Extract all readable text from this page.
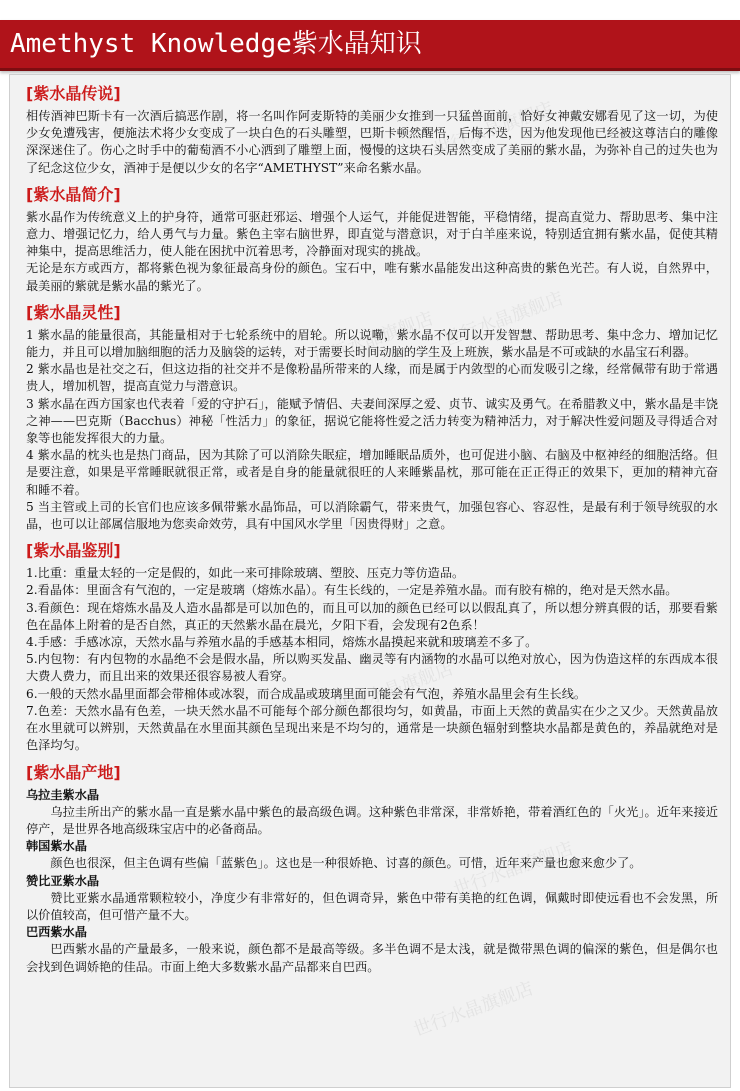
Amethyst Knowledge紫水晶知识
世行水晶旗舰店
世行水晶旗舰店
世行水晶旗舰店
世行水晶旗舰店
世行水晶旗舰店
世行水晶旗舰店
[紫水晶传说]

相传酒神巴斯卡有一次酒后搞恶作剧，将一名叫作阿麦斯特的美丽少女推到一只猛兽面前，恰好女神戴安娜看见了这一切，为使少女免遭残害，便施法术将少女变成了一块白色的石头雕塑，巴斯卡顿然醒悟，后悔不迭，因为他发现他已经被这尊洁白的雕像深深迷住了。伤心之时手中的葡萄酒不小心洒到了雕塑上面，慢慢的这块石头居然变成了美丽的紫水晶，为弥补自己的过失也为了纪念这位少女，酒神于是便以少女的名字“AMETHYST”来命名紫水晶。

[紫水晶简介]

紫水晶作为传统意义上的护身符，通常可驱赶邪运、增强个人运气，并能促进智能，平稳情绪，提高直觉力、帮助思考、集中注意力、增强记忆力，给人勇气与力量。紫色主宰右脑世界，即直觉与潜意识，对于白羊座来说，特别适宜拥有紫水晶，促使其精神集中，提高思维活力，使人能在困扰中沉着思考，冷静面对现实的挑战。

无论是东方或西方，都将紫色视为象征最高身份的颜色。宝石中，唯有紫水晶能发出这种高贵的紫色光芒。有人说，自然界中，最美丽的紫就是紫水晶的紫光了。

[紫水晶灵性]

1 紫水晶的能量很高，其能量相对于七轮系统中的眉轮。所以说嘞，紫水晶不仅可以开发智慧、帮助思考、集中念力、增加记忆能力，并且可以增加脑细胞的活力及脑袋的运转，对于需要长时间动脑的学生及上班族，紫水晶是不可或缺的水晶宝石利器。

2 紫水晶也是社交之石，但这边指的社交并不是像粉晶所带来的人缘，而是属于内敛型的心而发吸引之缘，经常佩带有助于常遇贵人，增加机智，提高直觉力与潜意识。

3 紫水晶在西方国家也代表着「爱的守护石」，能赋予情侣、夫妻间深厚之爱、贞节、诚实及勇气。在希腊教义中，紫水晶是丰饶之神——巴克斯（Bacchus）神秘「性活力」的象征，据说它能将性爱之活力转变为精神活力，对于解决性爱问题及寻得适合对象等也能发挥很大的力量。

4 紫水晶的枕头也是热门商品，因为其除了可以消除失眠症，增加睡眠品质外，也可促进小脑、右脑及中枢神经的细胞活络。但是要注意，如果是平常睡眠就很正常，或者是自身的能量就很旺的人来睡紫晶枕，那可能在正正得正的效果下，更加的精神亢奋和睡不着。

5 当主管或上司的长官们也应该多佩带紫水晶饰品，可以消除霸气，带来贵气，加强包容心、容忍性，是最有利于领导统驭的水晶，也可以让部属信服地为您卖命效劳，具有中国风水学里「因贵得财」之意。

[紫水晶鉴别]

1.比重：重量太轻的一定是假的，如此一来可排除玻璃、塑胶、压克力等仿造品。

2.看晶体：里面含有气泡的，一定是玻璃（熔炼水晶）。有生长线的，一定是养殖水晶。而有胶有棉的，绝对是天然水晶。

3.看颜色：现在熔炼水晶及人造水晶都是可以加色的，而且可以加的颜色已经可以以假乱真了，所以想分辨真假的话，那要看紫色在晶体上附着的是否自然，真正的天然紫水晶在晨光，夕阳下看，会发现有2色系！

4.手感：手感冰凉，天然水晶与养殖水晶的手感基本相同，熔炼水晶摸起来就和玻璃差不多了。

5.内包物：有内包物的水晶绝不会是假水晶，所以购买发晶、幽灵等有内涵物的水晶可以绝对放心，因为伪造这样的东西成本很大费人费力，而且出来的效果还很容易被人看穿。

6.一般的天然水晶里面都会带棉体或冰裂，而合成晶或玻璃里面可能会有气泡，养殖水晶里会有生长线。

7.色差：天然水晶有色差，一块天然水晶不可能每个部分颜色都很均匀，如黄晶，市面上天然的黄晶实在少之又少。天然黄晶放在水里就可以辨别，天然黄晶在水里面其颜色呈现出来是不均匀的，通常是一块颜色辐射到整块水晶都是黄色的，养晶就绝对是色泽均匀。

[紫水晶产地]

乌拉圭紫水晶

乌拉圭所出产的紫水晶一直是紫水晶中紫色的最高级色调。这种紫色非常深，非常娇艳，带着酒红色的「火光」。近年来接近停产，是世界各地高级珠宝店中的必备商品。

韩国紫水晶

颜色也很深，但主色调有些偏「蓝紫色」。这也是一种很娇艳、讨喜的颜色。可惜，近年来产量也愈来愈少了。

赞比亚紫水晶

赞比亚紫水晶通常颗粒较小，净度少有非常好的，但色调奇异，紫色中带有美艳的红色调，佩戴时即使远看也不会发黑，所以价值较高，但可惜产量不大。

巴西紫水晶

巴西紫水晶的产量最多，一般来说，颜色都不是最高等级。多半色调不是太浅，就是微带黑色调的偏深的紫色，但是偶尔也会找到色调娇艳的佳品。市面上绝大多数紫水晶产品都来自巴西。
